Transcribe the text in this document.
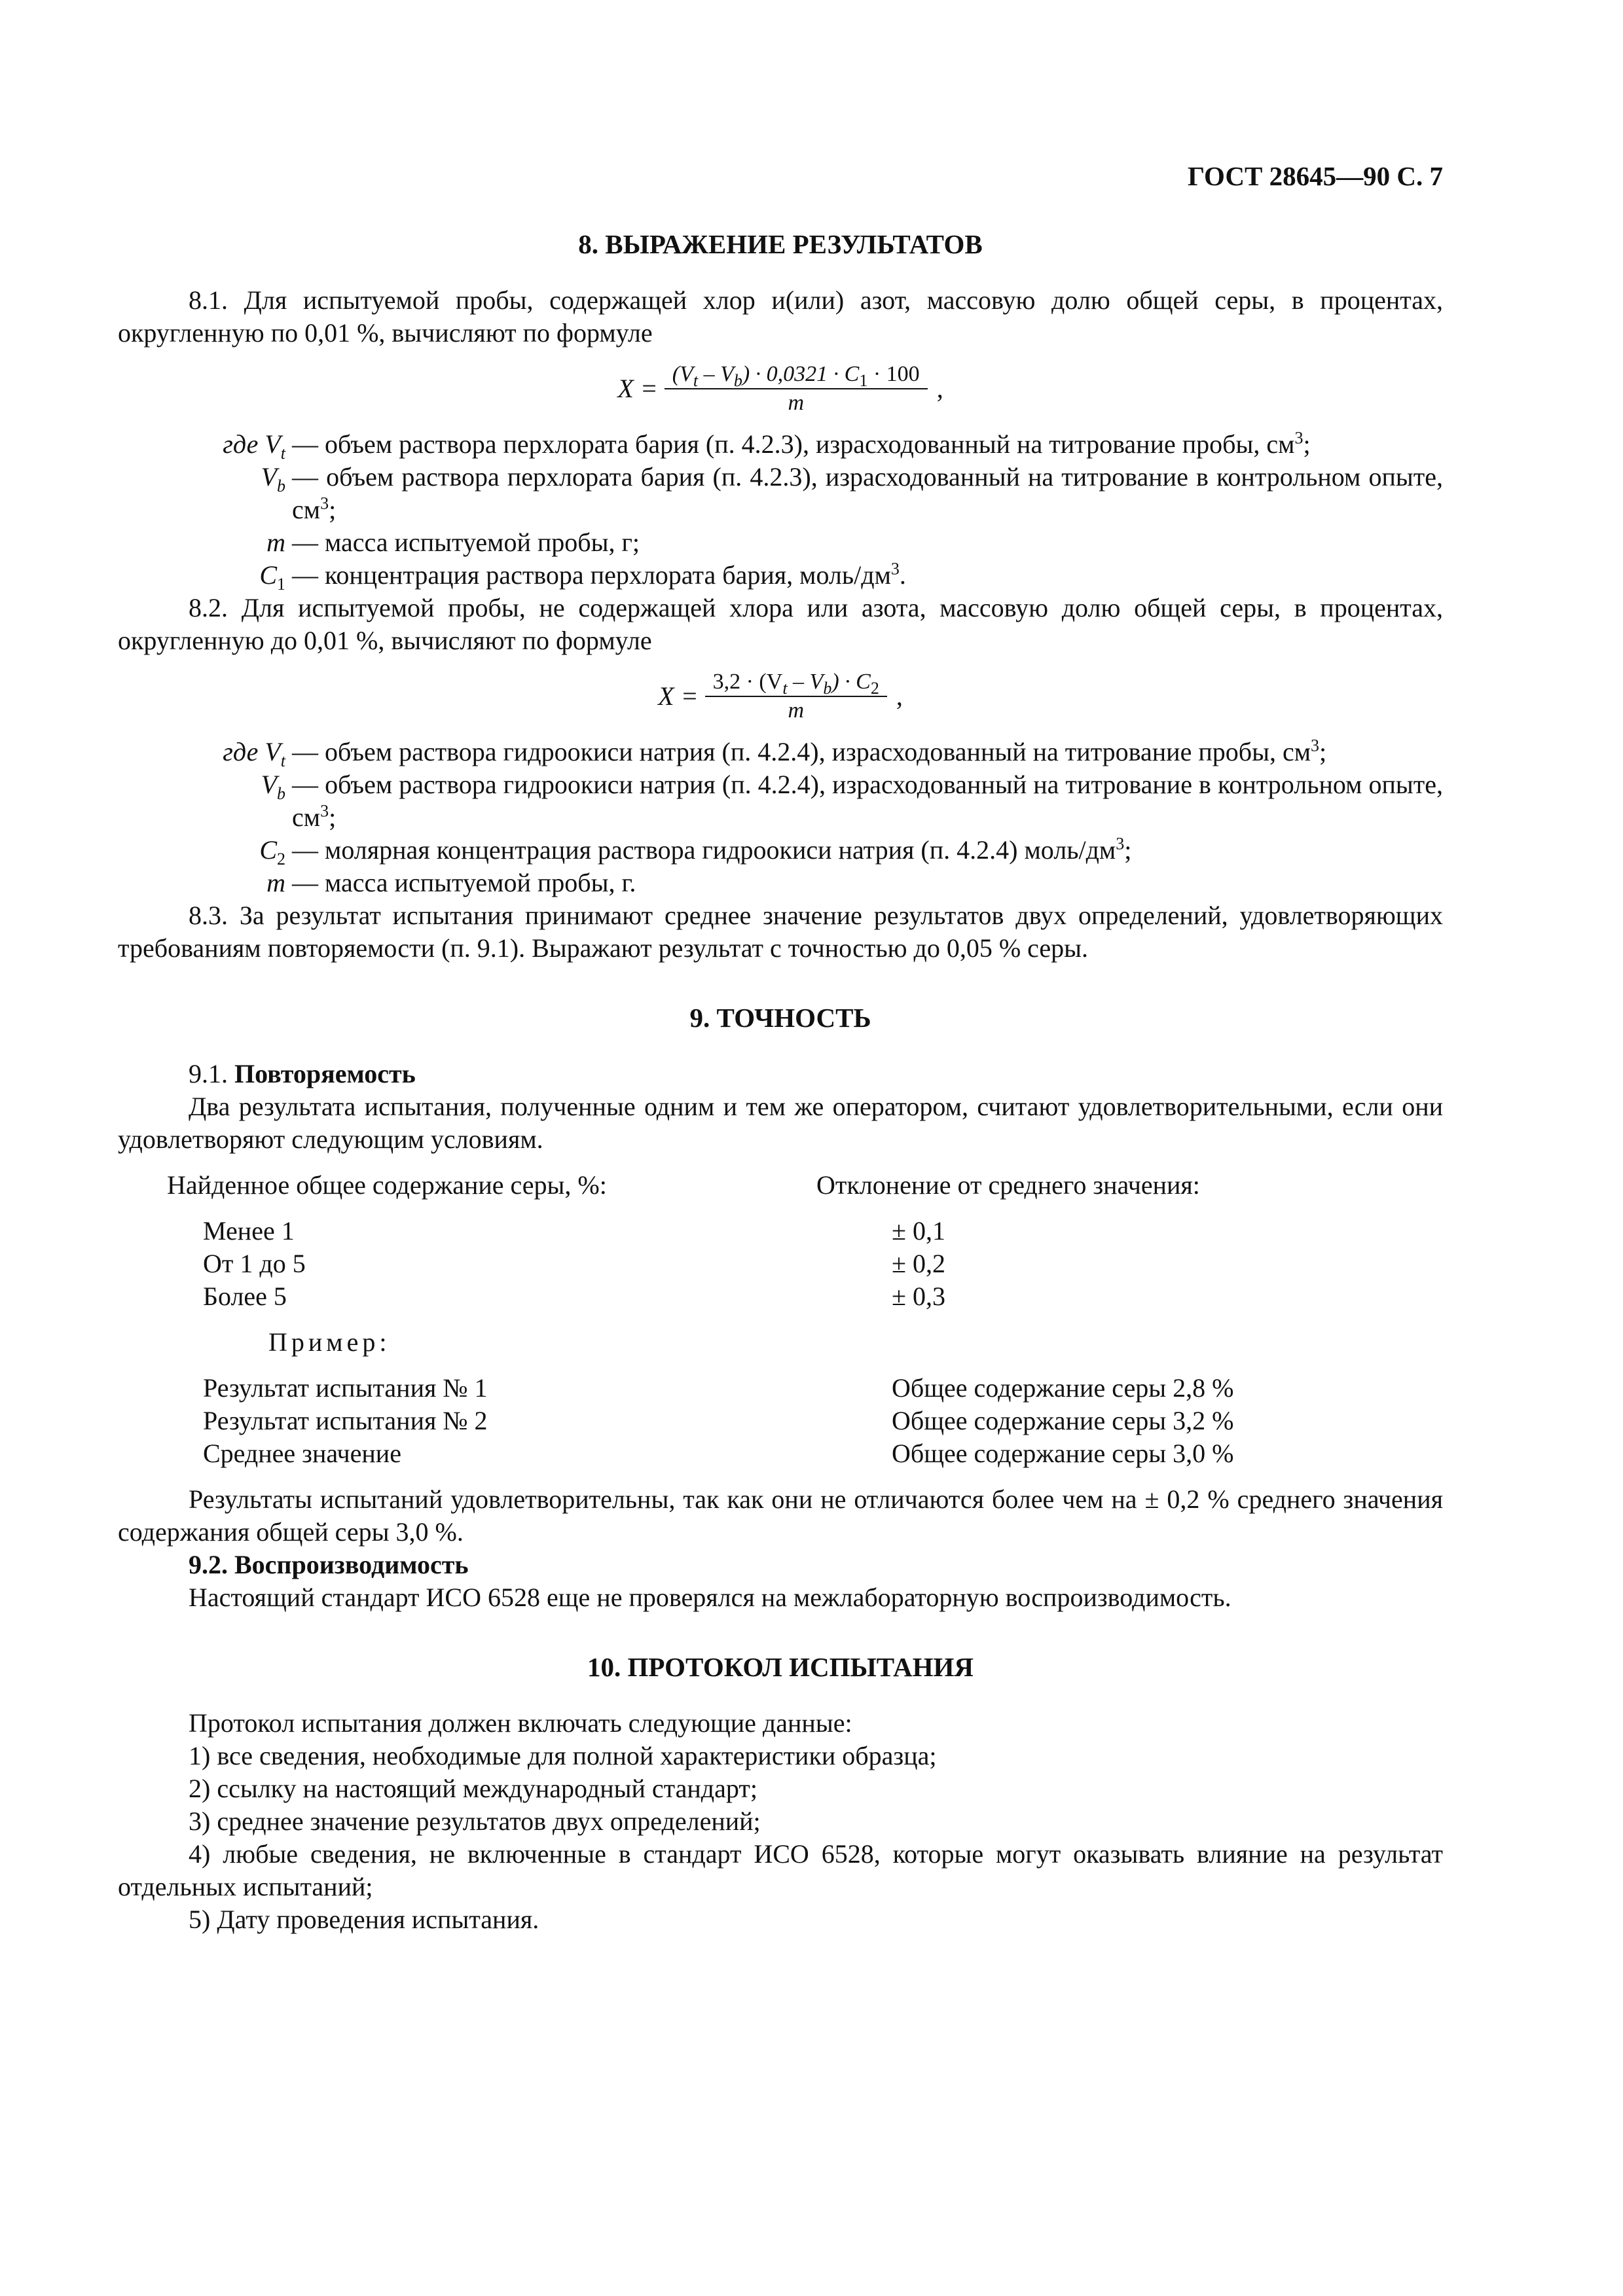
ГОСТ 28645—90 С. 7
8. ВЫРАЖЕНИЕ РЕЗУЛЬТАТОВ

8.1. Для испытуемой пробы, содержащей хлор и(или) азот, массовую долю общей серы, в процентах, округленную по 0,01 %, вычисляют по формуле

$X = \frac{(V_t - V_b) \cdot 0,0321 \cdot C_1 \cdot 100}{m}$ ,
где $V_t$ — объем раствора перхлората бария (п. 4.2.3), израсходованный на титрование пробы, $см^3$;
$V_b$ — объем раствора перхлората бария (п. 4.2.3), израсходованный на титрование в контрольном опыте, $см^3$;
m — масса испытуемой пробы, г;
$C_1$ — концентрация раствора перхлората бария, моль/$дм^3$.

8.2. Для испытуемой пробы, не содержащей хлора или азота, массовую долю общей серы, в процентах, округленную до 0,01 %, вычисляют по формуле

$X = \frac{3,2 \cdot (V_t - V_b) \cdot C_2}{m}$ ,
где $V_t$ — объем раствора гидроокиси натрия (п. 4.2.4), израсходованный на титрование пробы, $см^3$;
$V_b$ — объем раствора гидроокиси натрия (п. 4.2.4), израсходованный на титрование в контрольном опыте, $см^3$;
$C_2$ — молярная концентрация раствора гидроокиси натрия (п. 4.2.4) моль/$дм^3$;
m — масса испытуемой пробы, г.

8.3. За результат испытания принимают среднее значение результатов двух определений, удовлетворяющих требованиям повторяемости (п. 9.1). Выражают результат с точностью до 0,05 % серы.

9. ТОЧНОСТЬ

9.1. Повторяемость

Два результата испытания, полученные одним и тем же оператором, считают удовлетворительными, если они удовлетворяют следующим условиям.

Найденное общее содержание серы, %:	Отклонение от среднего значения:
Менее 1	± 0,1
От 1 до 5	± 0,2
Более 5	± 0,3

Пример:

Результат испытания № 1	Общее содержание серы 2,8 %
Результат испытания № 2	Общее содержание серы 3,2 %
Среднее значение	Общее содержание серы 3,0 %

Результаты испытаний удовлетворительны, так как они не отличаются более чем на ± 0,2 % среднего значения содержания общей серы 3,0 %.

9.2. Воспроизводимость

Настоящий стандарт ИСО 6528 еще не проверялся на межлабораторную воспроизводимость.

10. ПРОТОКОЛ ИСПЫТАНИЯ

Протокол испытания должен включать следующие данные:

1) все сведения, необходимые для полной характеристики образца;

2) ссылку на настоящий международный стандарт;

3) среднее значение результатов двух определений;

4) любые сведения, не включенные в стандарт ИСО 6528, которые могут оказывать влияние на результат отдельных испытаний;

5) Дату проведения испытания.
